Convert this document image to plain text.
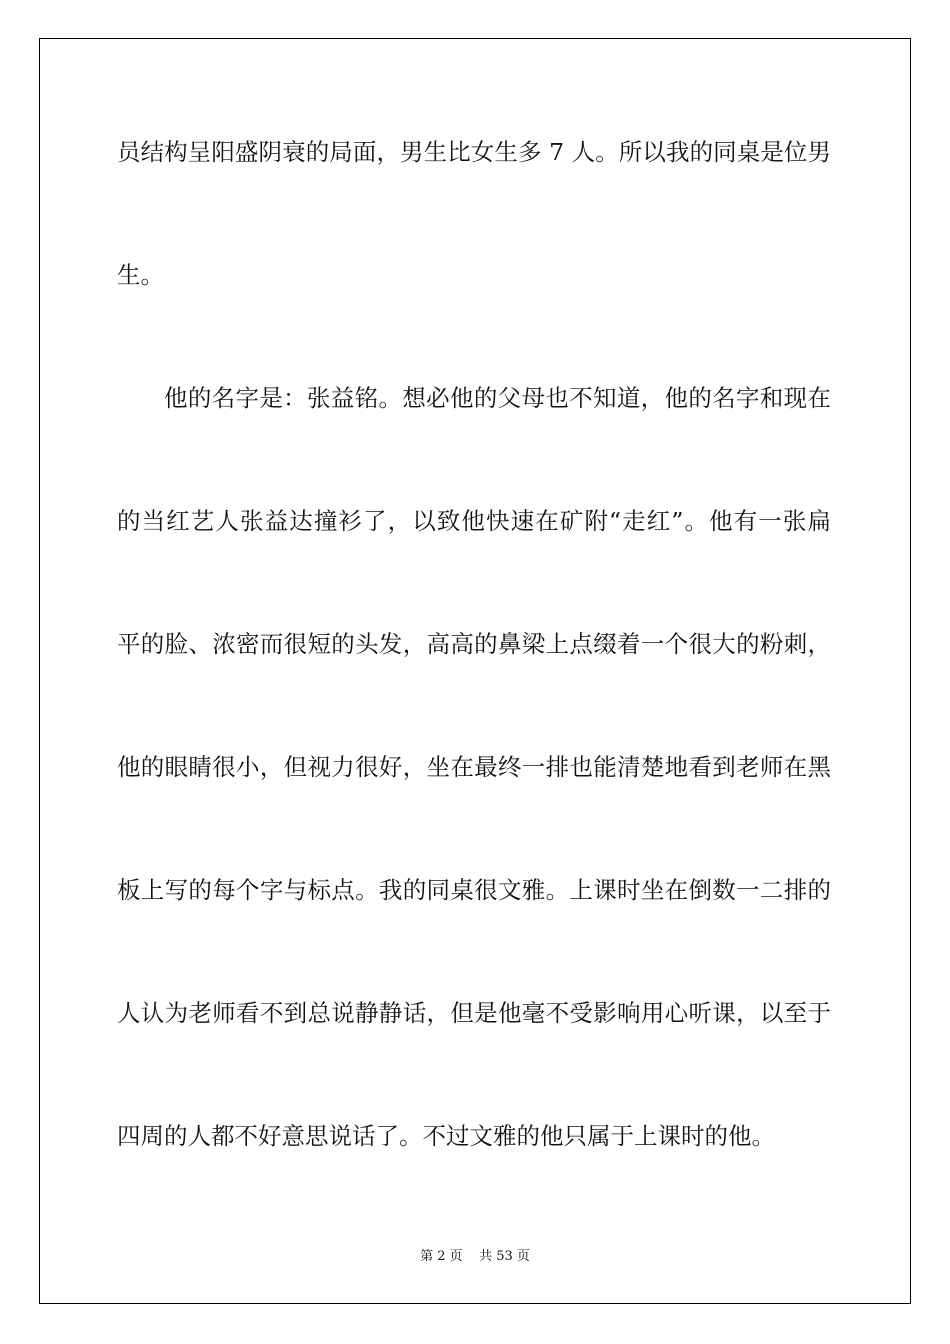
员结构呈阳盛阴衰的局面，男生比女生多 7 人。所以我的同桌是位男
生。
他的名字是：张益铭。想必他的父母也不知道，他的名字和现在
的当红艺人张益达撞衫了，以致他快速在矿附“走红”。他有一张扁
平的脸、浓密而很短的头发，高高的鼻梁上点缀着一个很大的粉刺，
他的眼睛很小，但视力很好，坐在最终一排也能清楚地看到老师在黑
板上写的每个字与标点。我的同桌很文雅。上课时坐在倒数一二排的
人认为老师看不到总说静静话，但是他毫不受影响用心听课，以至于
四周的人都不好意思说话了。不过文雅的他只属于上课时的他。
第 2 页    共 53 页
